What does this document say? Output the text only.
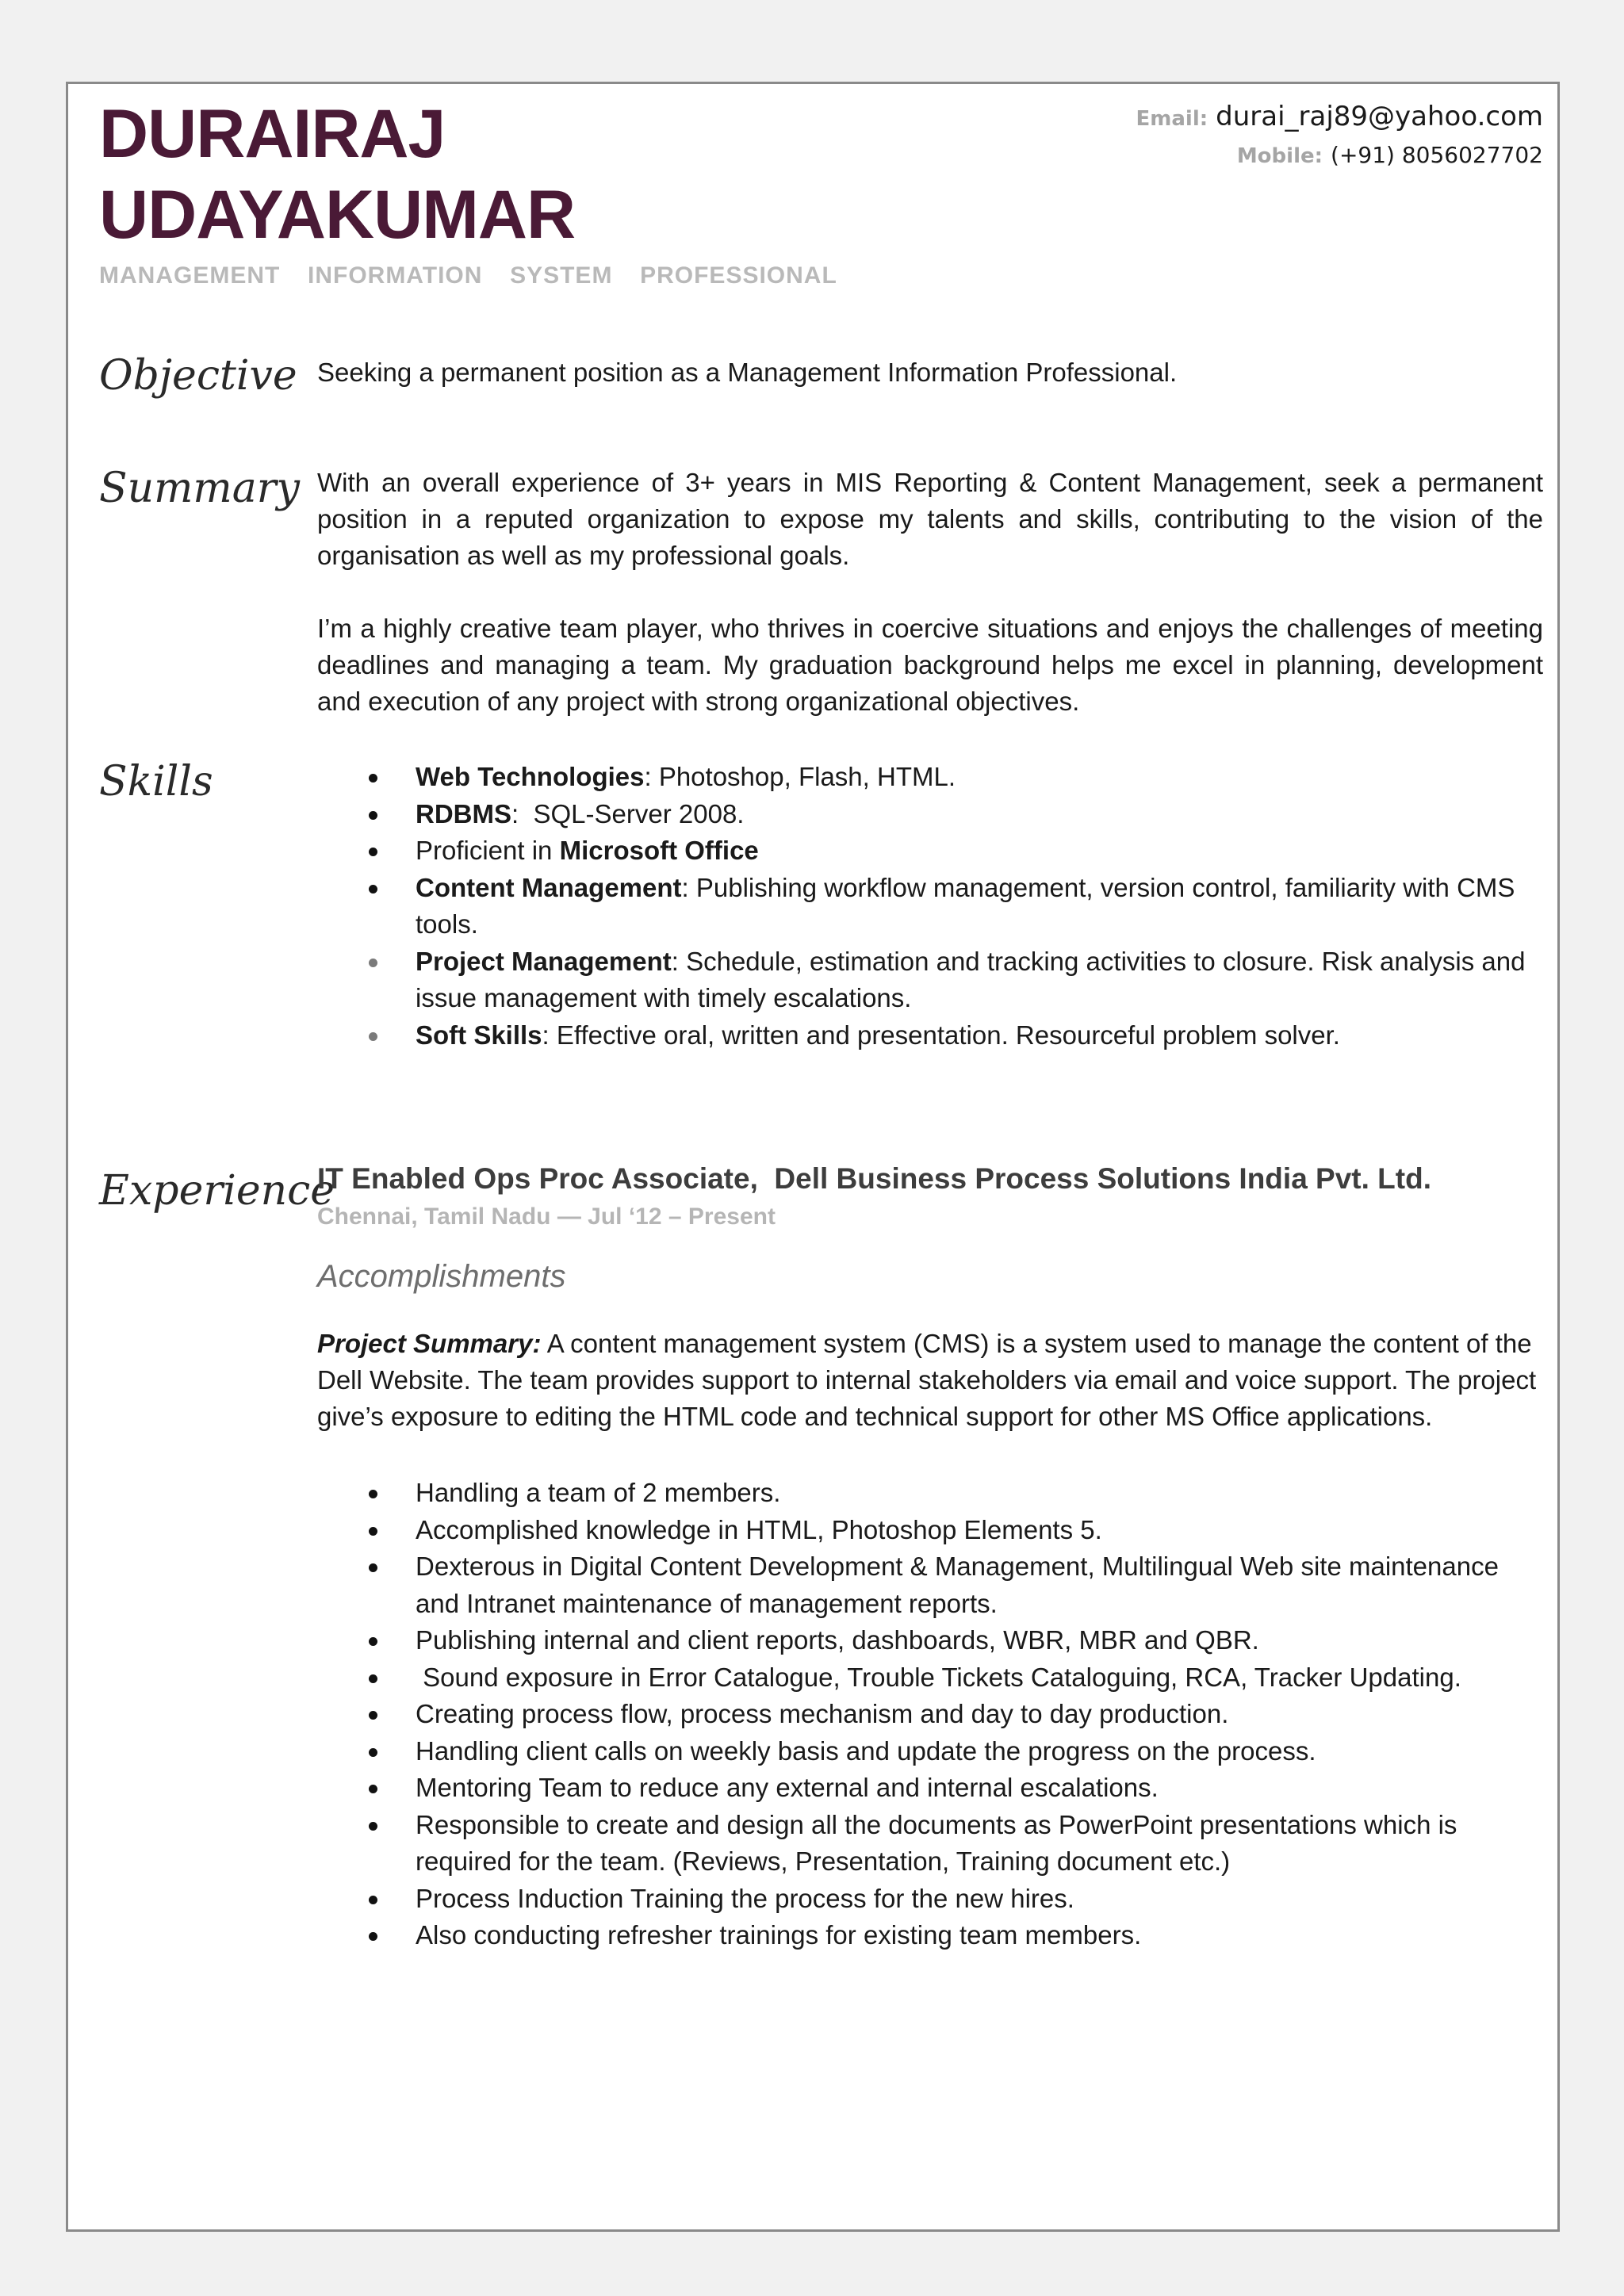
DURAIRAJ
UDAYAKUMAR
MANAGEMENT  INFORMATION  SYSTEM  PROFESSIONAL
Email: durai_raj89@yahoo.com
Mobile: (+91) 8056027702
Objective Seeking a permanent position as a Management Information Professional.
Summary With an overall experience of 3+ years in MIS Reporting & Content Management, seek a permanent position in a reputed organization to expose my talents and skills, contributing to the vision of the organisation as well as my professional goals.
I’m a highly creative team player, who thrives in coercive situations and enjoys the challenges of meeting deadlines and managing a team. My graduation background helps me excel in planning, development and execution of any project with strong organizational objectives.
Skills	Web Technologies: Photoshop, Flash, HTML.
RDBMS:  SQL-Server 2008.
Proficient in Microsoft Office
Content Management: Publishing workflow management, version control, familiarity with CMS tools.
Project Management: Schedule, estimation and tracking activities to closure. Risk analysis and issue management with timely escalations.
Soft Skills: Effective oral, written and presentation. Resourceful problem solver.
Experience
IT Enabled Ops Proc Associate,  Dell Business Process Solutions India Pvt. Ltd.
Chennai, Tamil Nadu — Jul ‘12 – Present
Accomplishments
Project Summary: A content management system (CMS) is a system used to manage the content of the Dell Website. The team provides support to internal stakeholders via email and voice support. The project give’s exposure to editing the HTML code and technical support for other MS Office applications.
Handling a team of 2 members.
Accomplished knowledge in HTML, Photoshop Elements 5.
Dexterous in Digital Content Development & Management, Multilingual Web site maintenance and Intranet maintenance of management reports.
Publishing internal and client reports, dashboards, WBR, MBR and QBR.
Sound exposure in Error Catalogue, Trouble Tickets Cataloguing, RCA, Tracker Updating.
Creating process flow, process mechanism and day to day production.
Handling client calls on weekly basis and update the progress on the process.
Mentoring Team to reduce any external and internal escalations.
Responsible to create and design all the documents as PowerPoint presentations which is required for the team. (Reviews, Presentation, Training document etc.)
Process Induction Training the process for the new hires.
Also conducting refresher trainings for existing team members.
